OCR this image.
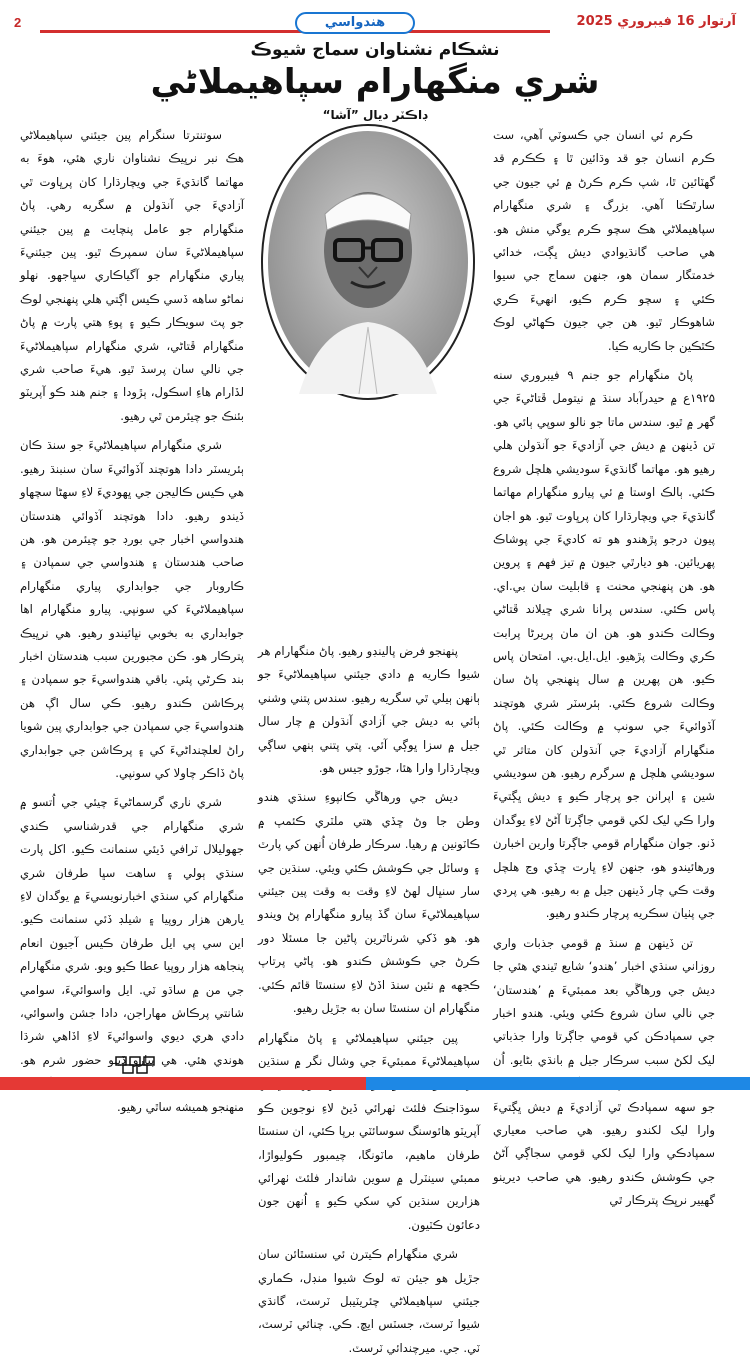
2	هندواسي	آرتوار 16 فيبروري 2025
نشڪام نشناوان سماج شيوڪ
شري منگهارام سپاهيملاڻي
ڊاڪٽر ديال ”آشا“

ڪرم ئي انسان جي ڪسوٽي آهي، ست ڪرم انسان جو قد وڌائين ٿا ۽ ڪڪرم قد گهٽائين ٿا، شپ ڪرم ڪرڻ ۾ ئي جيون جي سارٿڪتا آهي. بزرگ ۽ شري منگهارام سپاهيملاڻي هڪ سچو ڪرم يوگي منش هو. هي صاحب گانڌيوادي ديش ڀڳت، خدائي خدمتگار سمان هو، جنهن سماج جي سيوا ڪئي ۽ سچو ڪرم ڪيو، انهيءَ ڪري شاهوڪار ٿيو. هن جي جيون ڪهاڻي لوڪ ڪٿڪين جا ڪاريه ڪيا.

پاڻ منگهارام جو جنم ۹ فيبروري سنه ۱۹۲۵ع ۾ حيدرآباد سنڌ ۾ نيتومل ڦتاڻيءَ جي گهر ۾ ٿيو. سندس ماتا جو نالو سوپي ٻائي هو. تن ڏينهن ۾ ديش جي آزاديءَ جو آنڌولن هلي رهيو هو. مهاتما گانڌيءَ سوديشي هلچل شروع ڪئي. ٻالڪ اوستا ۾ ئي پيارو منگهارام مهاتما گانڌيءَ جي ويچارڌارا کان پرڀاوت ٿيو. هو اجان پيون درجو پڙهندو هو ته کاديءَ جي پوشاڪ پهريائين. هو ديارٿي جيون ۾ تيز فهم ۽ پروين هو. هن پنهنجي محنت ۽ قابليت سان بي.اي. پاس ڪئي. سندس پرانا شري ڇيلاند ڦتاڻي وڪالت ڪندو هو. هن ان مان پريرڻا پرابت ڪري وڪالت پڙهيو. ايل.ايل.بي. امتحان پاس ڪيو. هن پهرين ۾ سال پنهنجي پاڻ سان وڪالت شروع ڪئي. ٻئرسٽر شري هوتچند آڏوائيءَ جي سونپ ۾ وڪالت ڪئي. پاڻ منگهارام آزاديءَ جي آنڌولن کان متاثر ٿي سوديشي هلچل ۾ سرگرم رهيو. هن سوديشي شين ۽ اپرانن جو پرچار ڪيو ۽ ديش ڀڳتيءَ وارا ڪي ليک لکي قومي جاڳرتا آڻڻ لاءِ يوگدان ڏنو. جوان منگهارام قومي جاڳرتا وارين اخبارن ورهائيندو هو، جنهن لاءِ ڀارت ڇڏي وڃ هلچل وقت ڪي چار ڏينهن جيل ۾ به رهيو. هي پردي جي پٺيان سڪريه پرچار ڪندو رهيو.

تن ڏينهن ۾ سنڌ ۾ قومي جذبات واري روزاني سنڌي اخبار ’هندو‘ شايع ٿيندي هئي جا ديش جي ورهاڱي بعد ممبئيءَ ۾ ’هندستان‘ جي نالي سان شروع ڪئي ويئي. هندو اخبار جي سمپادڪن کي قومي جاڳرتا وارا جذباتي ليک لکڻ سبب سرڪار جيل ۾ بانڌي بڻايو. اُن جو سهه سمپادڪ ٿي آزاديءَ ۾ ديش ڀڳتيءَ وارا ليک لکندو رهيو. هي صاحب معياري سمپادڪي وارا ليک لکي قومي سجاڳي آڻڻ جي ڪوشش ڪندو رهيو. هي صاحب ديرينو گهيير نرڀڪ پترڪار ٿي

پنهنجو فرض پالينڊو رهيو. پاڻ منگهارام هر شيوا ڪاريه ۾ دادي جيئني سپاهيملاڻيءَ جو ٻانهن ٻيلي ٿي سگريه رهيو. سندس پتني وشني ٻائي به ديش جي آزادي آنڌولن ۾ چار سال جيل ۾ سزا ڀوڳي آئي. پتي پتني ٻنهي ساڳي ويچارڌارا وارا هئا، جوڙو جيس هو.

ديش جي ورهاڱي ڪانپوءِ سنڌي هندو وطن جا وڻ ڇڏي هتي ملٽري ڪئمپ ۾ ڪاٽونين ۾ رهيا. سرڪار طرفان اُنهن کي پارٽ ۽ وسائل جي ڪوشش ڪئي ويئي. سنڌين جي سار سنڀال لهڻ لاءِ وقت به وقت پين جيئني سپاهيملاڻيءَ سان گڏ پيارو منگهارام پڻ ويندو هو. هو ڏکي شرناٿرين پاڻين جا مسئلا دور ڪرڻ جي ڪوشش ڪندو هو. پاڻي پرتاپ ڪجهه ۾ نئين سنڌ اڏڻ لاءِ سنسٿا قائم ڪئي. منگهارام ان سنسٿا سان به جڙيل رهيو.

پين جيئني سپاهيملاڻي ۽ پاڻ منگهارام سپاهيملاڻيءَ ممبئيءَ جي وشال نگر ۾ سنڌين سوڌاجنڪ فلئٽ ٺهرائي ڏيڻ لاءِ نوجوين ڪو آپريٽو هائوسنگ سوسائٽي برپا ڪئي، ان سنسٿا طرفان ماهيم، ماٽونگا، چيمبور ڪوليواڙا، ممبئي سينٽرل ۾ سوين شاندار فلئٽ ٺهرائي هزارين سنڌين کي سکي ڪيو ۽ اُنهن جون دعائون ڪٽيون.

شري منگهارام ڪيترن ئي سنسٿائن سان جڙيل هو جيئن ته لوڪ شيوا منڊل، ڪماري جيئني سپاهيملاڻي چئريٽيبل ٽرسٽ، گانڌي شيوا ٽرسٽ، جسٽس ايڇ. ڪي. چنائي ٽرسٽ، ٽي. جي. ميرچندائي ٽرسٽ.

سوتنترتا سنگرام پين جيئني سپاهيملاڻي هڪ نبر نرڀيڪ نشناوان ناري هئي، هوءَ به مهاتما گانڌيءَ جي ويچارڌارا کان پرڀاوت ٿي آزاديءَ جي آنڌولن ۾ سگريه رهي. پاڻ منگهارام جو عامل پنچايت ۾ پين جيئني سپاهيملاڻيءَ سان سمپرڪ ٿيو. پين جيئنيءَ پياري منگهارام جو آگياڪاري سڀاجهو. نهلو نماڻو ساهه ڏسي ڪيس اڳتي هلي پنهنجي لوڪ جو پٽ سويڪار ڪيو ۽ پوءِ هتي پارت ۾ پاڻ منگهارام ڦتاڻي، شري منگهارام سپاهيملاڻيءَ جي نالي سان پرسڌ ٿيو. هيءَ صاحب شري لڏارام هاءِ اسڪول، ٻڙودا ۽ جنم هند ڪو آپريٽو بئنڪ جو چيئرمن ٿي رهيو.

شري منگهارام سپاهيملاڻيءَ جو سنڌ ڪان ٻئريسٽر دادا هوتچند آڏوائيءَ سان سنبنڌ رهيو. هي ڪيس ڪاليجن جي ڀهوديءَ لاءِ سهڻا سچهاو ڏيندو رهيو. دادا هوتچند آڏوائي هندستان هندواسي اخبار جي بورڊ جو چيئرمن هو. هن صاحب هندستان ۽ هندواسي جي سمپادن ۽ ڪاروبار جي جوابداري پياري منگهارام سپاهيملاڻيءَ کي سونپي. پيارو منگهارام اها جوابداري به بخوبي نڀائيندو رهيو. هي نرڀيڪ پترڪار هو. ڪن مجبورين سبب هندستان اخبار بند ڪرڻي پئي. باقي هندواسيءَ جو سمپادن ۽ پرڪاشن ڪندو رهيو. ڪي سال اڳ هن هندواسيءَ جي سمپادن جي جوابداري پين شويا راڻ لعلچنداڻيءَ کي ۽ پرڪاشن جي جوابداري پاڻ ڏاڪر چاولا کي سونپي.

شري ناري گرسماڻيءَ چيئي جي اُتسو ۾ شري منگهارام جي قدرشناسي ڪندي جهوليلال ٽرافي ڏيئي سنمانت ڪيو. اکل پارت سنڌي ٻولي ۽ ساهت سڀا طرفان شري منگهارام کي سنڌي اخبارنويسيءَ ۾ يوگدان لاءِ يارهن هزار روپيا ۽ شيلڊ ڏئي سنمانت ڪيو. اين سي پي ايل طرفان ڪيس آجيون انعام پنجاهه هزار روپيا عطا ڪيو ويو. شري منگهارام جي من ۾ ساڌو ٽي. ايل واسوائيءَ، سوامي شانتي پرڪاش مهاراجن، دادا جشن واسوائي، دادي هري ديوي واسوائيءَ لاءِ اڏاهي شرڌا هوندي هئي. هي پيارو ڏينو حضور شرم هو. منهنجو هميشه ساٿي رهيو.
